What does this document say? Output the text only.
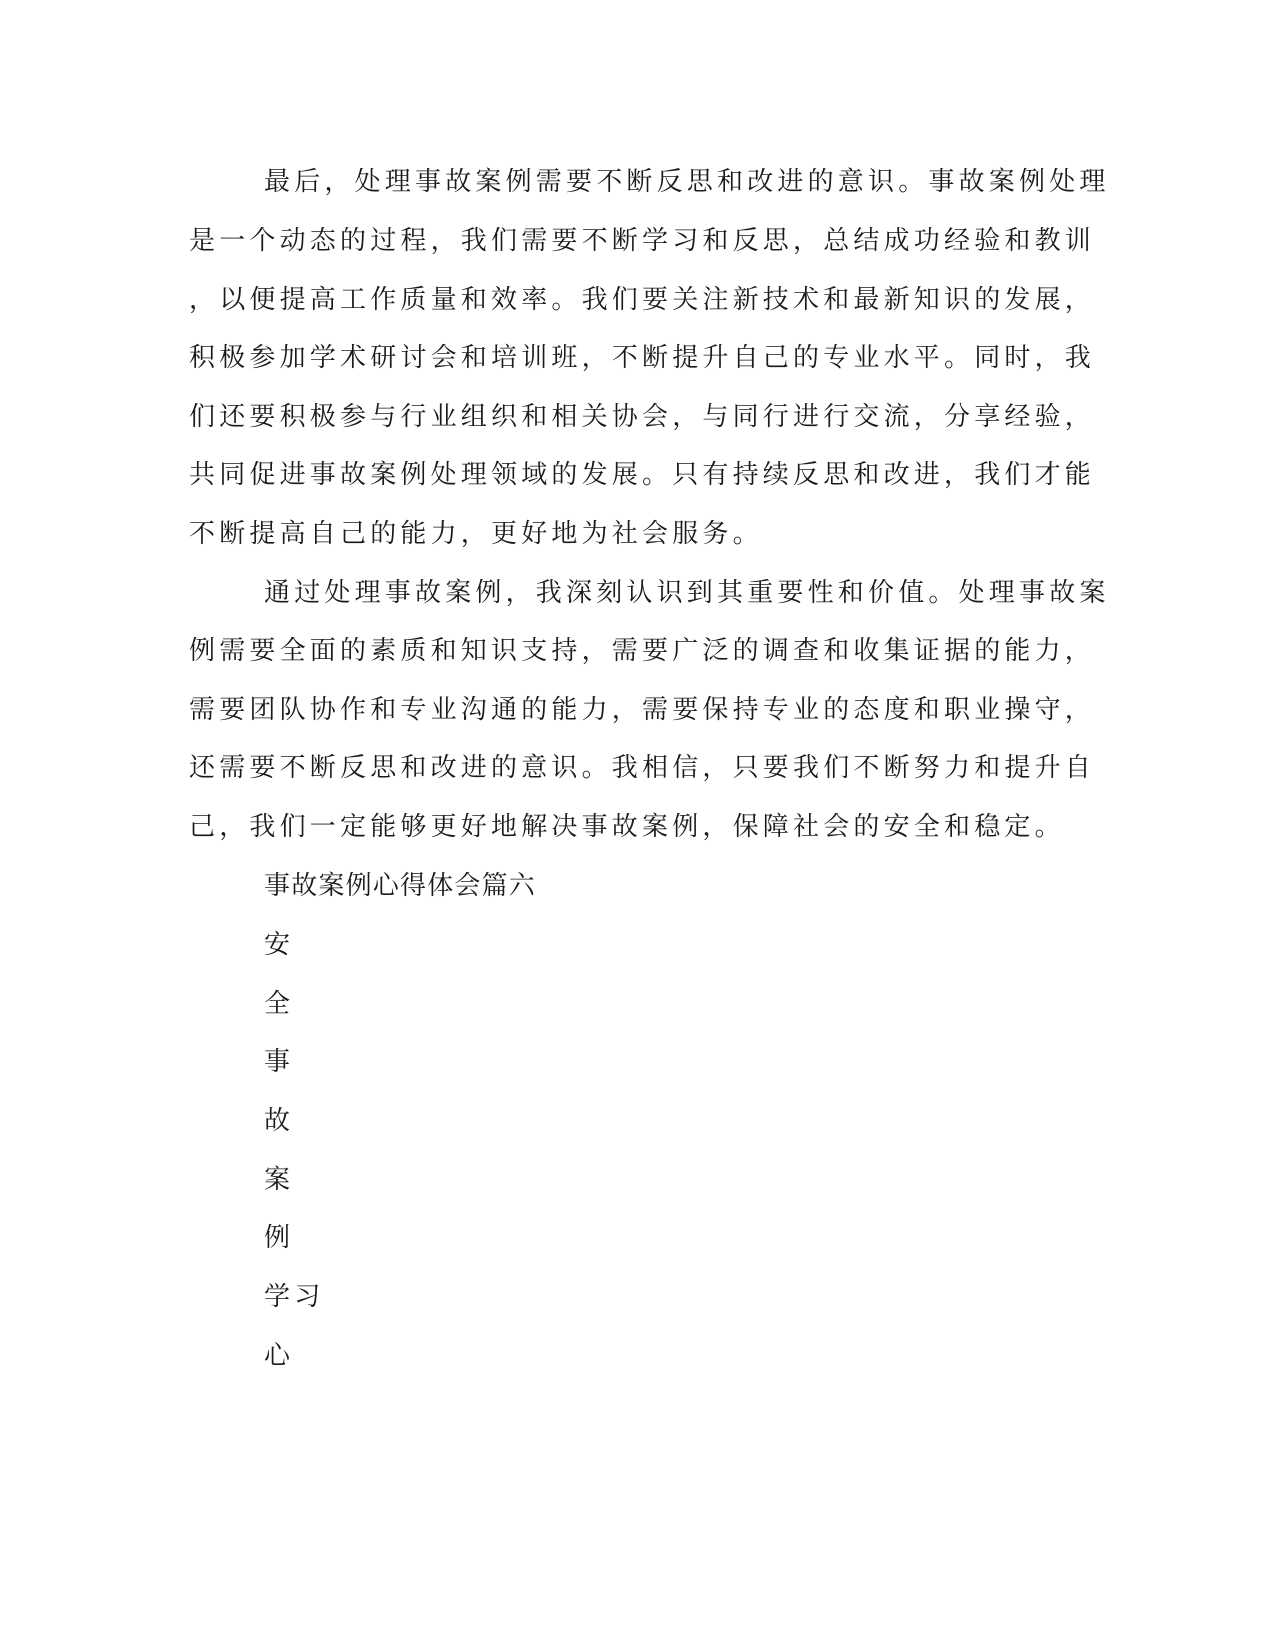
最后，处理事故案例需要不断反思和改进的意识。事故案例处理
是一个动态的过程，我们需要不断学习和反思，总结成功经验和教训
，以便提高工作质量和效率。我们要关注新技术和最新知识的发展，
积极参加学术研讨会和培训班，不断提升自己的专业水平。同时，我
们还要积极参与行业组织和相关协会，与同行进行交流，分享经验，
共同促进事故案例处理领域的发展。只有持续反思和改进，我们才能
不断提高自己的能力，更好地为社会服务。
通过处理事故案例，我深刻认识到其重要性和价值。处理事故案
例需要全面的素质和知识支持，需要广泛的调查和收集证据的能力，
需要团队协作和专业沟通的能力，需要保持专业的态度和职业操守，
还需要不断反思和改进的意识。我相信，只要我们不断努力和提升自
己，我们一定能够更好地解决事故案例，保障社会的安全和稳定。
事故案例心得体会篇六
安
全
事
故
案
例
学习
心
